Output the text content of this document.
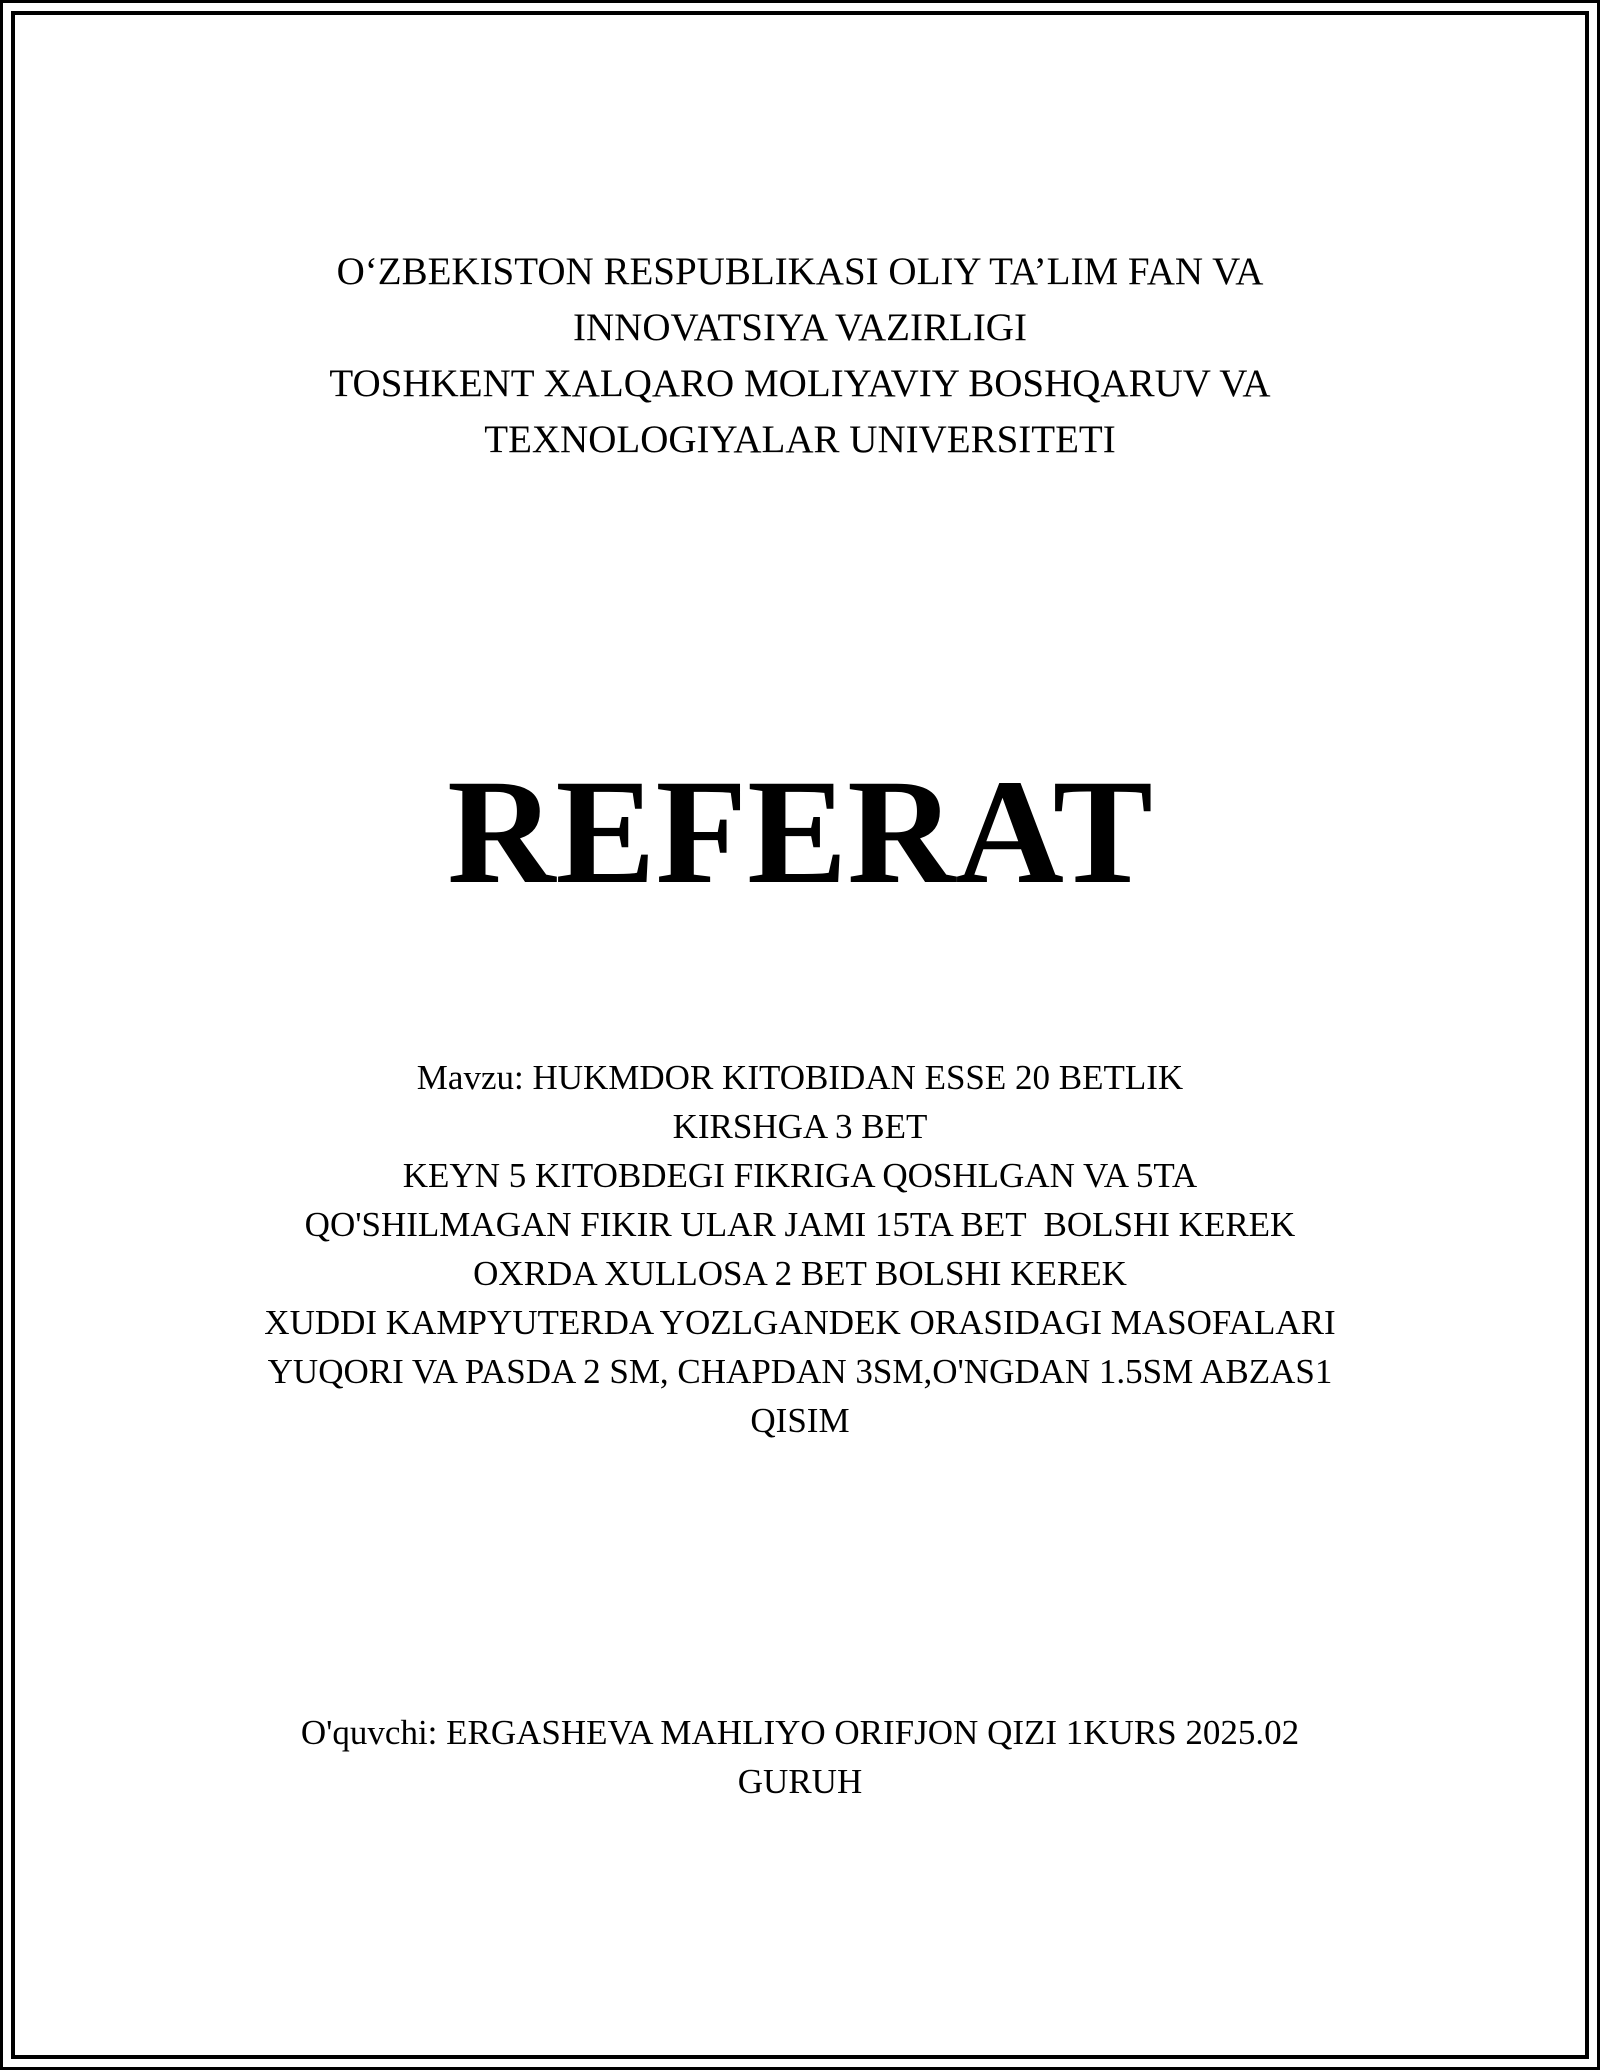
O‘ZBEKISTON RESPUBLIKASI OLIY TA’LIM FAN VA
INNOVATSIYA VAZIRLIGI
TOSHKENT XALQARO MOLIYAVIY BOSHQARUV VA
TEXNOLOGIYALAR UNIVERSITETI
REFERAT
Mavzu: HUKMDOR KITOBIDAN ESSE 20 BETLIK
KIRSHGA 3 BET
KEYN 5 KITOBDEGI FIKRIGA QOSHLGAN VA 5TA
QO'SHILMAGAN FIKIR ULAR JAMI 15TA BET  BOLSHI KEREK
OXRDA XULLOSA 2 BET BOLSHI KEREK
XUDDI KAMPYUTERDA YOZLGANDEK ORASIDAGI MASOFALARI
YUQORI VA PASDA 2 SM, CHAPDAN 3SM,O'NGDAN 1.5SM ABZAS1
QISIM
O'quvchi: ERGASHEVA MAHLIYO ORIFJON QIZI 1KURS 2025.02
GURUH
